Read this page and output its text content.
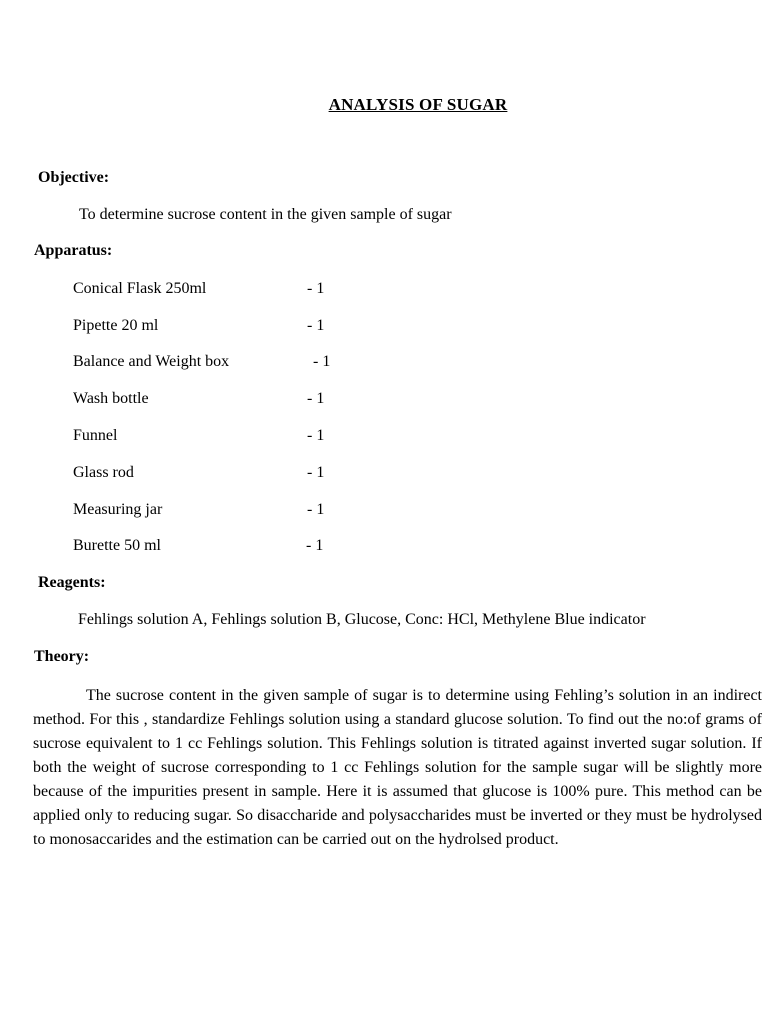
ANALYSIS OF SUGAR
Objective:
To determine sucrose content in the given sample of sugar
Apparatus:
Conical Flask 250ml	- 1
Pipette 20 ml	- 1
Balance and Weight box	- 1
Wash bottle	- 1
Funnel	- 1
Glass rod	- 1
Measuring jar	- 1
Burette 50 ml	- 1
Reagents:
Fehlings solution A, Fehlings solution B, Glucose, Conc: HCl, Methylene Blue indicator
Theory:
The sucrose content in the given sample of sugar is to determine using Fehling’s solution in an indirect method. For this , standardize Fehlings solution using a standard glucose solution. To find out the no:of grams of sucrose equivalent to 1 cc Fehlings solution. This Fehlings solution is titrated against inverted sugar solution. If both the weight of sucrose corresponding to 1 cc Fehlings solution for the sample sugar will be slightly more because of the impurities present in sample. Here it is assumed that glucose is 100% pure. This method can be applied only to reducing sugar. So disaccharide and polysaccharides must be inverted or they must be hydrolysed to monosaccarides and the estimation can be carried out on the hydrolsed product.
